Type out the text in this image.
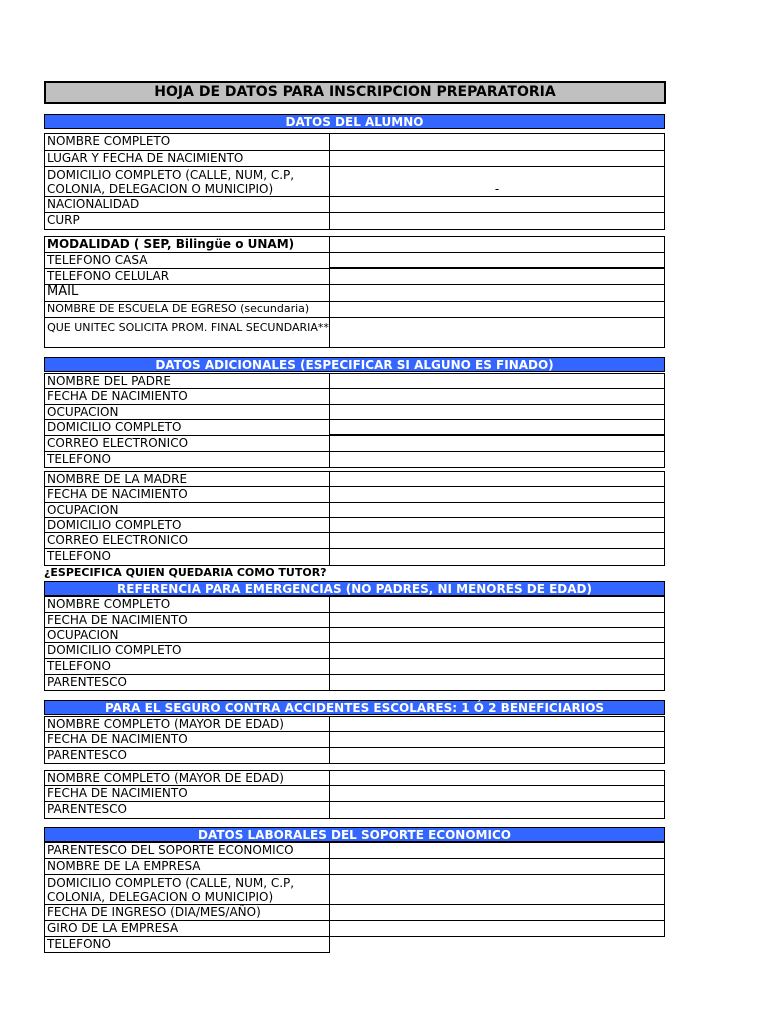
HOJA DE DATOS PARA INSCRIPCION PREPARATORIA
DATOS DEL ALUMNO
NOMBRE COMPLETO
LUGAR Y FECHA DE NACIMIENTO
DOMICILIO COMPLETO (CALLE, NUM, C.P, COLONIA, DELEGACION O MUNICIPIO)	-
NACIONALIDAD
CURP
MODALIDAD ( SEP, Bilingüe o UNAM)
TELEFONO CASA
TELEFONO CELULAR
MAIL
NOMBRE DE ESCUELA DE EGRESO (secundaria)
QUE UNITEC SOLICITA PROM. FINAL SECUNDARIA**
DATOS ADICIONALES (ESPECIFICAR SI ALGUNO ES FINADO)
NOMBRE DEL PADRE
FECHA DE NACIMIENTO
OCUPACION
DOMICILIO COMPLETO
CORREO ELECTRONICO
TELEFONO
NOMBRE DE LA MADRE
FECHA DE NACIMIENTO
OCUPACION
DOMICILIO COMPLETO
CORREO ELECTRONICO
TELEFONO
¿ESPECIFICA QUIEN QUEDARIA COMO TUTOR?
REFERENCIA PARA EMERGENCIAS (NO PADRES, NI MENORES DE EDAD)
NOMBRE COMPLETO
FECHA DE NACIMIENTO
OCUPACION
DOMICILIO COMPLETO
TELEFONO
PARENTESCO
PARA EL SEGURO CONTRA ACCIDENTES ESCOLARES: 1 Ó 2 BENEFICIARIOS
NOMBRE COMPLETO (MAYOR DE EDAD)
FECHA DE NACIMIENTO
PARENTESCO
NOMBRE COMPLETO (MAYOR DE EDAD)
FECHA DE NACIMIENTO
PARENTESCO
DATOS LABORALES DEL SOPORTE ECONOMICO
PARENTESCO DEL SOPORTE ECONOMICO
NOMBRE DE LA EMPRESA
DOMICILIO COMPLETO (CALLE, NUM, C.P, COLONIA, DELEGACION O MUNICIPIO)
FECHA DE INGRESO (DIA/MES/AÑO)
GIRO DE LA EMPRESA
TELEFONO
